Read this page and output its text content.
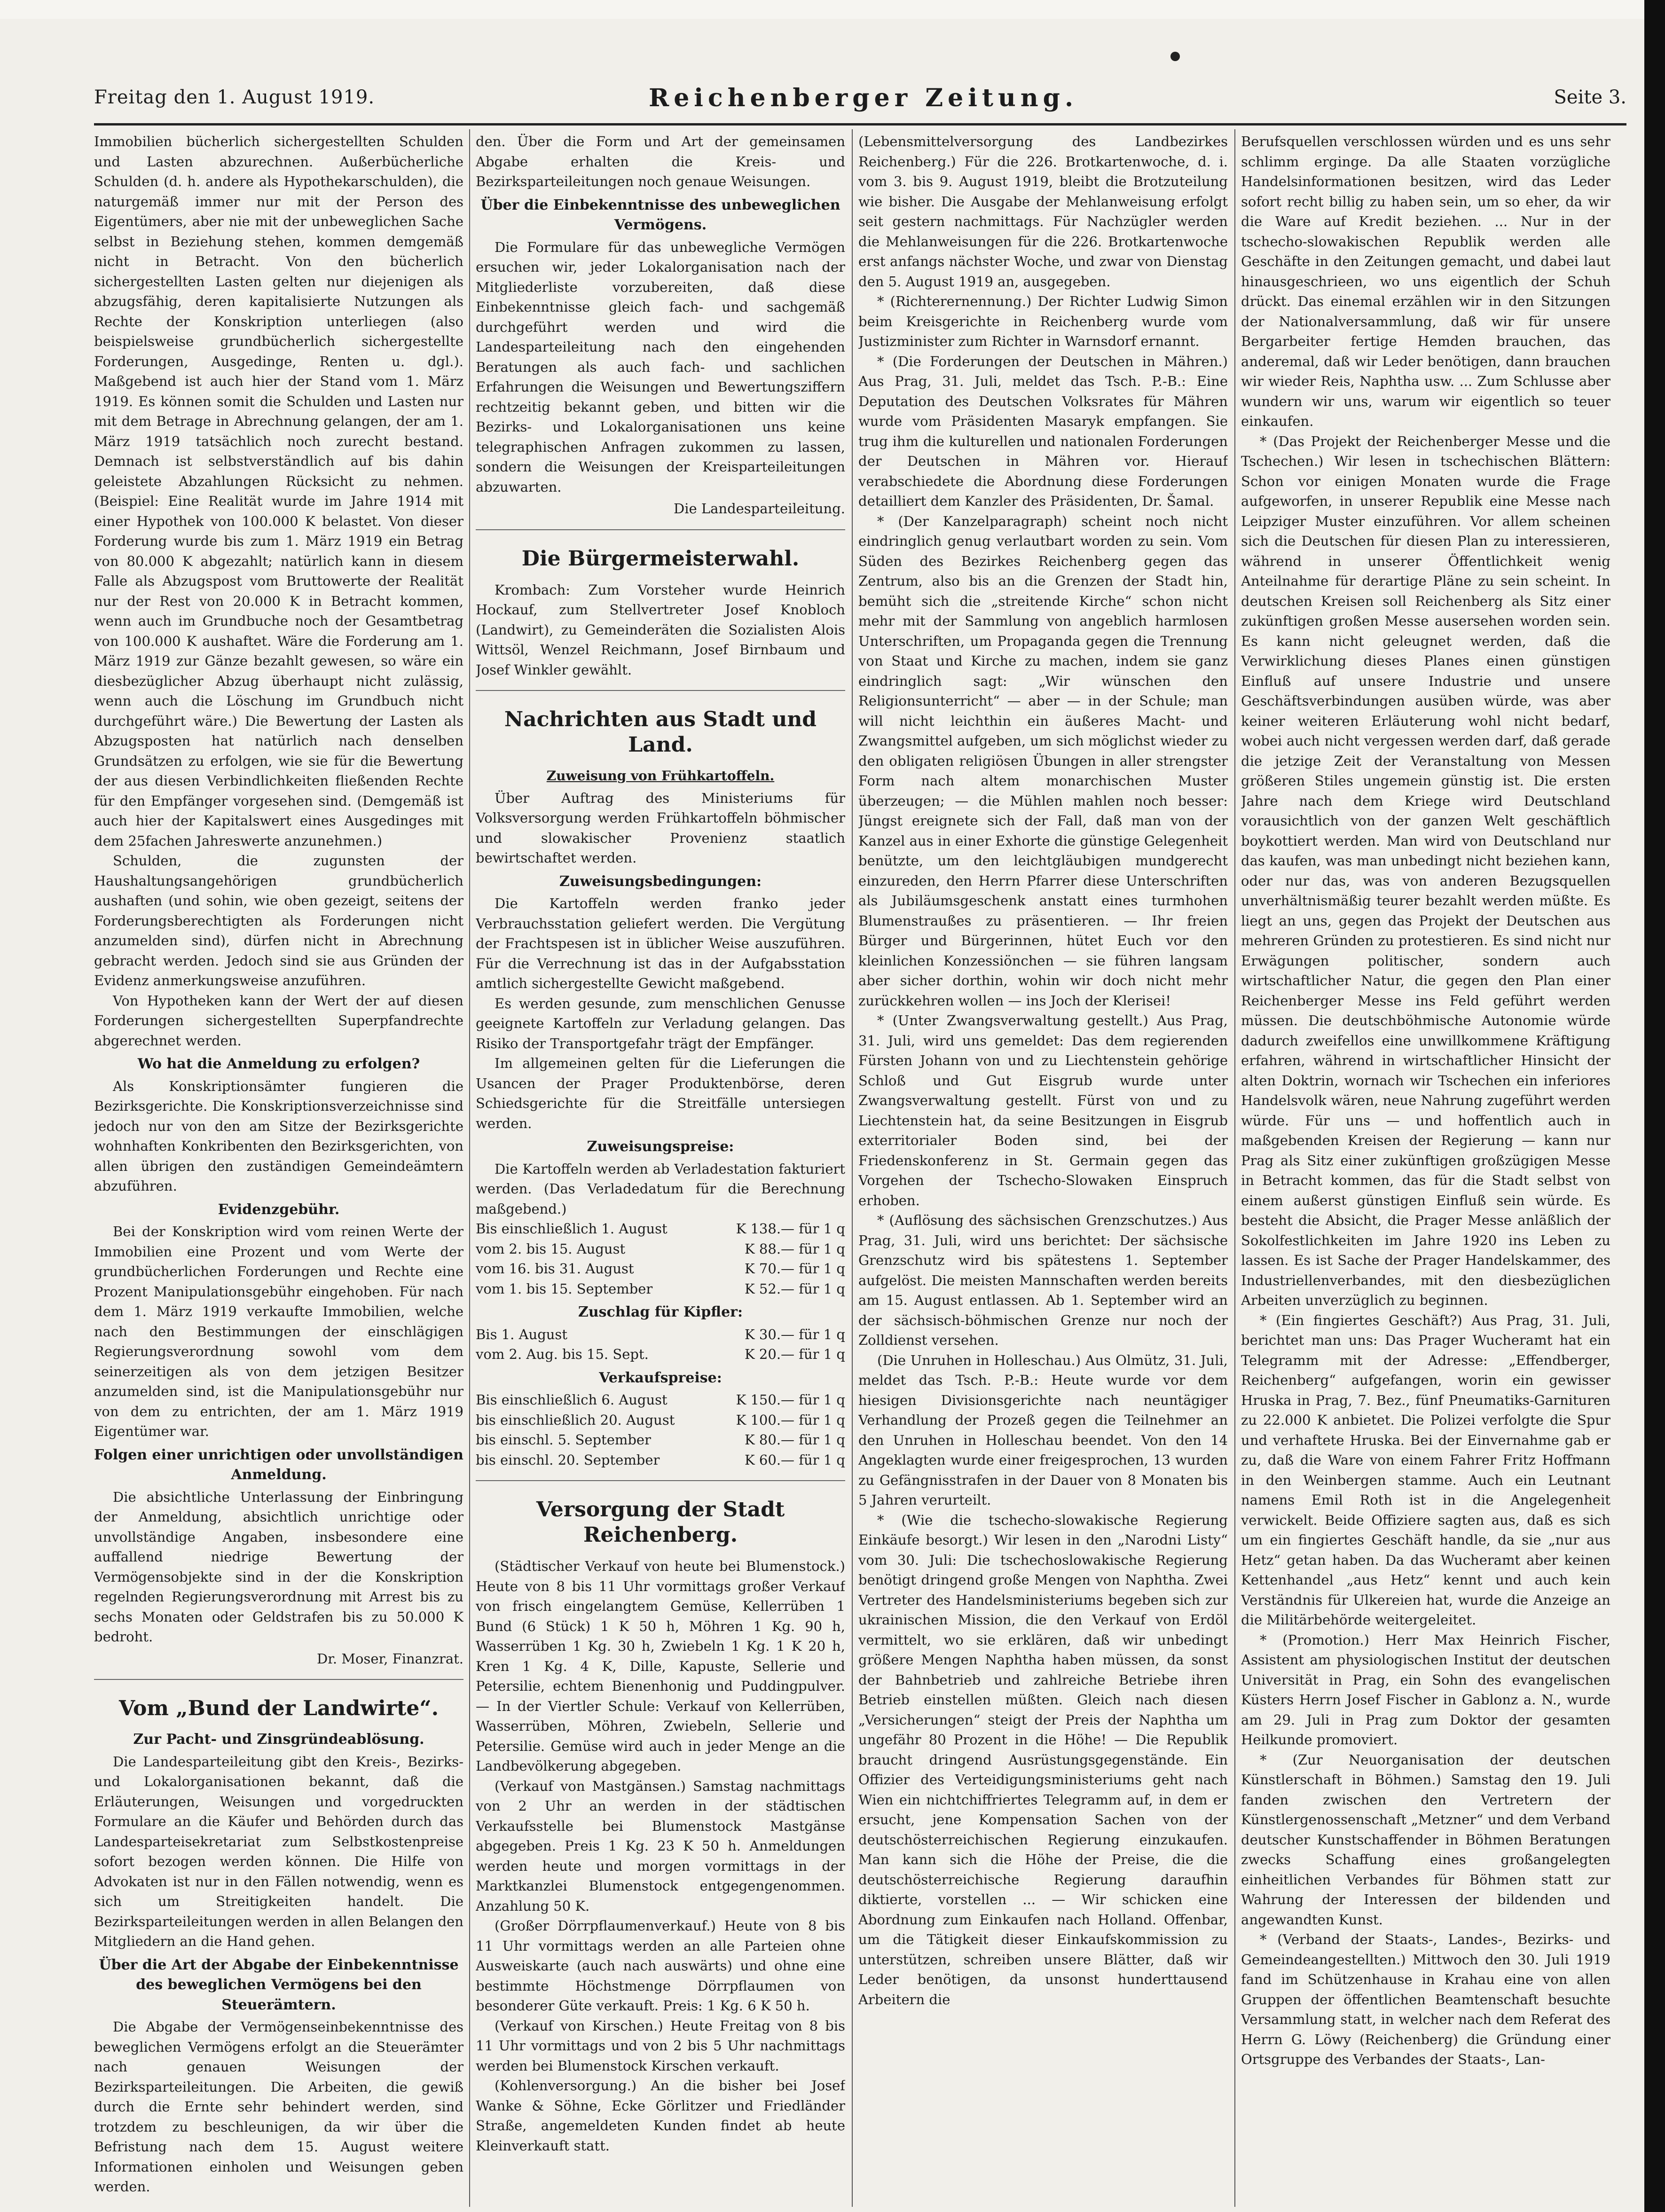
Freitag den 1. August 1919.	Reichenberger Zeitung.	Seite 3.

Immobilien bücherlich sichergestellten Schulden und Lasten abzurechnen. Außerbücherliche Schulden (d. h. andere als Hypothekarschulden), die naturgemäß immer nur mit der Person des Eigentümers, aber nie mit der unbeweglichen Sache selbst in Beziehung stehen, kommen demgemäß nicht in Betracht. Von den bücherlich sichergestellten Lasten gelten nur diejenigen als abzugsfähig, deren kapitalisierte Nutzungen als Rechte der Konskription unterliegen (also beispielsweise grundbücherlich sichergestellte Forderungen, Ausgedinge, Renten u. dgl.). Maßgebend ist auch hier der Stand vom 1. März 1919. Es können somit die Schulden und Lasten nur mit dem Betrage in Abrechnung gelangen, der am 1. März 1919 tatsächlich noch zurecht bestand. Demnach ist selbstverständlich auf bis dahin geleistete Abzahlungen Rücksicht zu nehmen. (Beispiel: Eine Realität wurde im Jahre 1914 mit einer Hypothek von 100.000 K belastet. Von dieser Forderung wurde bis zum 1. März 1919 ein Betrag von 80.000 K abgezahlt; natürlich kann in diesem Falle als Abzugspost vom Bruttowerte der Realität nur der Rest von 20.000 K in Betracht kommen, wenn auch im Grundbuche noch der Gesamtbetrag von 100.000 K aushaftet. Wäre die Forderung am 1. März 1919 zur Gänze bezahlt gewesen, so wäre ein diesbezüglicher Abzug überhaupt nicht zulässig, wenn auch die Löschung im Grundbuch nicht durchgeführt wäre.) Die Bewertung der Lasten als Abzugsposten hat natürlich nach denselben Grundsätzen zu erfolgen, wie sie für die Bewertung der aus diesen Verbindlichkeiten fließenden Rechte für den Empfänger vorgesehen sind. (Demgemäß ist auch hier der Kapitalswert eines Ausgedinges mit dem 25fachen Jahreswerte anzunehmen.)

Schulden, die zugunsten der Haushaltungsangehörigen grundbücherlich aushaften (und sohin, wie oben gezeigt, seitens der Forderungsberechtigten als Forderungen nicht anzumelden sind), dürfen nicht in Abrechnung gebracht werden. Jedoch sind sie aus Gründen der Evidenz anmerkungsweise anzuführen.

Von Hypotheken kann der Wert der auf diesen Forderungen sichergestellten Superpfandrechte abgerechnet werden.

Wo hat die Anmeldung zu erfolgen?

Als Konskriptionsämter fungieren die Bezirksgerichte. Die Konskriptionsverzeichnisse sind jedoch nur von den am Sitze der Bezirksgerichte wohnhaften Konkribenten den Bezirksgerichten, von allen übrigen den zuständigen Gemeindeämtern abzuführen.

Evidenzgebühr.

Bei der Konskription wird vom reinen Werte der Immobilien eine Prozent und vom Werte der grundbücherlichen Forderungen und Rechte eine Prozent Manipulationsgebühr eingehoben. Für nach dem 1. März 1919 verkaufte Immobilien, welche nach den Bestimmungen der einschlägigen Regierungsverordnung sowohl vom dem seinerzeitigen als von dem jetzigen Besitzer anzumelden sind, ist die Manipulationsgebühr nur von dem zu entrichten, der am 1. März 1919 Eigentümer war.

Folgen einer unrichtigen oder unvollständigen Anmeldung.

Die absichtliche Unterlassung der Einbringung der Anmeldung, absichtlich unrichtige oder unvollständige Angaben, insbesondere eine auffallend niedrige Bewertung der Vermögensobjekte sind in der die Konskription regelnden Regierungsverordnung mit Arrest bis zu sechs Monaten oder Geldstrafen bis zu 50.000 K bedroht.

Dr. Moser, Finanzrat.
Vom „Bund der Landwirte“.
Zur Pacht- und Zinsgründeablösung.

Die Landesparteileitung gibt den Kreis-, Bezirks- und Lokalorganisationen bekannt, daß die Erläuterungen, Weisungen und vorgedruckten Formulare an die Käufer und Behörden durch das Landesparteisekretariat zum Selbstkostenpreise sofort bezogen werden können. Die Hilfe von Advokaten ist nur in den Fällen notwendig, wenn es sich um Streitigkeiten handelt. Die Bezirksparteileitungen werden in allen Belangen den Mitgliedern an die Hand gehen.

Über die Art der Abgabe der Einbekenntnisse des beweglichen Vermögens bei den Steuerämtern.

Die Abgabe der Vermögenseinbekenntnisse des beweglichen Vermögens erfolgt an die Steuerämter nach genauen Weisungen der Bezirksparteileitungen. Die Arbeiten, die gewiß durch die Ernte sehr behindert werden, sind trotzdem zu beschleunigen, da wir über die Befristung nach dem 15. August weitere Informationen einholen und Weisungen geben werden.

den. Über die Form und Art der gemeinsamen Abgabe erhalten die Kreis- und Bezirksparteileitungen noch genaue Weisungen.

Über die Einbekenntnisse des unbeweglichen Vermögens.

Die Formulare für das unbewegliche Vermögen ersuchen wir, jeder Lokalorganisation nach der Mitgliederliste vorzubereiten, daß diese Einbekenntnisse gleich fach- und sachgemäß durchgeführt werden und wird die Landesparteileitung nach den eingehenden Beratungen als auch fach- und sachlichen Erfahrungen die Weisungen und Bewertungsziffern rechtzeitig bekannt geben, und bitten wir die Bezirks- und Lokalorganisationen uns keine telegraphischen Anfragen zukommen zu lassen, sondern die Weisungen der Kreisparteileitungen abzuwarten.

Die Landesparteileitung.
Die Bürgermeisterwahl.

Krombach: Zum Vorsteher wurde Heinrich Hockauf, zum Stellvertreter Josef Knobloch (Landwirt), zu Gemeinderäten die Sozialisten Alois Wittsöl, Wenzel Reichmann, Josef Birnbaum und Josef Winkler gewählt.

Nachrichten aus Stadt und Land.
Zuweisung von Frühkartoffeln.

Über Auftrag des Ministeriums für Volksversorgung werden Frühkartoffeln böhmischer und slowakischer Provenienz staatlich bewirtschaftet werden.

Zuweisungsbedingungen:

Die Kartoffeln werden franko jeder Verbrauchsstation geliefert werden. Die Vergütung der Frachtspesen ist in üblicher Weise auszuführen. Für die Verrechnung ist das in der Aufgabsstation amtlich sichergestellte Gewicht maßgebend.

Es werden gesunde, zum menschlichen Genusse geeignete Kartoffeln zur Verladung gelangen. Das Risiko der Transportgefahr trägt der Empfänger.

Im allgemeinen gelten für die Lieferungen die Usancen der Prager Produktenbörse, deren Schiedsgerichte für die Streitfälle untersiegen werden.

Zuweisungspreise:

Die Kartoffeln werden ab Verladestation fakturiert werden. (Das Verladedatum für die Berechnung maßgebend.)

Bis einschließlich 1. August	K 138.— für 1 q
vom 2. bis 15. August	K 88.— für 1 q
vom 16. bis 31. August	K 70.— für 1 q
vom 1. bis 15. September	K 52.— für 1 q
Zuschlag für Kipfler:
Bis 1. August	K 30.— für 1 q
vom 2. Aug. bis 15. Sept.	K 20.— für 1 q
Verkaufspreise:
Bis einschließlich 6. August	K 150.— für 1 q
bis einschließlich 20. August	K 100.— für 1 q
bis einschl. 5. September	K 80.— für 1 q
bis einschl. 20. September	K 60.— für 1 q
Versorgung der Stadt Reichenberg.

(Städtischer Verkauf von heute bei Blumenstock.) Heute von 8 bis 11 Uhr vormittags großer Verkauf von frisch eingelangtem Gemüse, Kellerrüben 1 Bund (6 Stück) 1 K 50 h, Möhren 1 Kg. 90 h, Wasserrüben 1 Kg. 30 h, Zwiebeln 1 Kg. 1 K 20 h, Kren 1 Kg. 4 K, Dille, Kapuste, Sellerie und Petersilie, echtem Bienenhonig und Puddingpulver. — In der Viertler Schule: Verkauf von Kellerrüben, Wasserrüben, Möhren, Zwiebeln, Sellerie und Petersilie. Gemüse wird auch in jeder Menge an die Landbevölkerung abgegeben.

(Verkauf von Mastgänsen.) Samstag nachmittags von 2 Uhr an werden in der städtischen Verkaufsstelle bei Blumenstock Mastgänse abgegeben. Preis 1 Kg. 23 K 50 h. Anmeldungen werden heute und morgen vormittags in der Marktkanzlei Blumenstock entgegengenommen. Anzahlung 50 K.

(Großer Dörrpflaumenverkauf.) Heute von 8 bis 11 Uhr vormittags werden an alle Parteien ohne Ausweiskarte (auch nach auswärts) und ohne eine bestimmte Höchstmenge Dörrpflaumen von besonderer Güte verkauft. Preis: 1 Kg. 6 K 50 h.

(Verkauf von Kirschen.) Heute Freitag von 8 bis 11 Uhr vormittags und von 2 bis 5 Uhr nachmittags werden bei Blumenstock Kirschen verkauft.

(Kohlenversorgung.) An die bisher bei Josef Wanke & Söhne, Ecke Görlitzer und Friedländer Straße, angemeldeten Kunden findet ab heute Kleinverkauft statt.

(Lebensmittelversorgung des Landbezirkes Reichenberg.) Für die 226. Brotkartenwoche, d. i. vom 3. bis 9. August 1919, bleibt die Brotzuteilung wie bisher. Die Ausgabe der Mehlanweisung erfolgt seit gestern nachmittags. Für Nachzügler werden die Mehlanweisungen für die 226. Brotkartenwoche erst anfangs nächster Woche, und zwar von Dienstag den 5. August 1919 an, ausgegeben.

* (Richterernennung.) Der Richter Ludwig Simon beim Kreisgerichte in Reichenberg wurde vom Justizminister zum Richter in Warnsdorf ernannt.

* (Die Forderungen der Deutschen in Mähren.) Aus Prag, 31. Juli, meldet das Tsch. P.-B.: Eine Deputation des Deutschen Volksrates für Mähren wurde vom Präsidenten Masaryk empfangen. Sie trug ihm die kulturellen und nationalen Forderungen der Deutschen in Mähren vor. Hierauf verabschiedete die Abordnung diese Forderungen detailliert dem Kanzler des Präsidenten, Dr. Šamal.

* (Der Kanzelparagraph) scheint noch nicht eindringlich genug verlautbart worden zu sein. Vom Süden des Bezirkes Reichenberg gegen das Zentrum, also bis an die Grenzen der Stadt hin, bemüht sich die „streitende Kirche“ schon nicht mehr mit der Sammlung von angeblich harmlosen Unterschriften, um Propaganda gegen die Trennung von Staat und Kirche zu machen, indem sie ganz eindringlich sagt: „Wir wünschen den Religionsunterricht“ — aber — in der Schule; man will nicht leichthin ein äußeres Macht- und Zwangsmittel aufgeben, um sich möglichst wieder zu den obligaten religiösen Übungen in aller strengster Form nach altem monarchischen Muster überzeugen; — die Mühlen mahlen noch besser: Jüngst ereignete sich der Fall, daß man von der Kanzel aus in einer Exhorte die günstige Gelegenheit benützte, um den leichtgläubigen mundgerecht einzureden, den Herrn Pfarrer diese Unterschriften als Jubiläumsgeschenk anstatt eines turmhohen Blumenstraußes zu präsentieren. — Ihr freien Bürger und Bürgerinnen, hütet Euch vor den kleinlichen Konzessiönchen — sie führen langsam aber sicher dorthin, wohin wir doch nicht mehr zurückkehren wollen — ins Joch der Klerisei!

* (Unter Zwangsverwaltung gestellt.) Aus Prag, 31. Juli, wird uns gemeldet: Das dem regierenden Fürsten Johann von und zu Liechtenstein gehörige Schloß und Gut Eisgrub wurde unter Zwangsverwaltung gestellt. Fürst von und zu Liechtenstein hat, da seine Besitzungen in Eisgrub exterritorialer Boden sind, bei der Friedenskonferenz in St. Germain gegen das Vorgehen der Tschecho-Slowaken Einspruch erhoben.

* (Auflösung des sächsischen Grenzschutzes.) Aus Prag, 31. Juli, wird uns berichtet: Der sächsische Grenzschutz wird bis spätestens 1. September aufgelöst. Die meisten Mannschaften werden bereits am 15. August entlassen. Ab 1. September wird an der sächsisch-böhmischen Grenze nur noch der Zolldienst versehen.

(Die Unruhen in Holleschau.) Aus Olmütz, 31. Juli, meldet das Tsch. P.-B.: Heute wurde vor dem hiesigen Divisionsgerichte nach neuntägiger Verhandlung der Prozeß gegen die Teilnehmer an den Unruhen in Holleschau beendet. Von den 14 Angeklagten wurde einer freigesprochen, 13 wurden zu Gefängnisstrafen in der Dauer von 8 Monaten bis 5 Jahren verurteilt.

* (Wie die tschecho-slowakische Regierung Einkäufe besorgt.) Wir lesen in den „Narodni Listy“ vom 30. Juli: Die tschechoslowakische Regierung benötigt dringend große Mengen von Naphtha. Zwei Vertreter des Handelsministeriums begeben sich zur ukrainischen Mission, die den Verkauf von Erdöl vermittelt, wo sie erklären, daß wir unbedingt größere Mengen Naphtha haben müssen, da sonst der Bahnbetrieb und zahlreiche Betriebe ihren Betrieb einstellen müßten. Gleich nach diesen „Versicherungen“ steigt der Preis der Naphtha um ungefähr 80 Prozent in die Höhe! — Die Republik braucht dringend Ausrüstungsgegenstände. Ein Offizier des Verteidigungsministeriums geht nach Wien ein nichtchiffriertes Telegramm auf, in dem er ersucht, jene Kompensation Sachen von der deutschösterreichischen Regierung einzukaufen. Man kann sich die Höhe der Preise, die die deutschösterreichische Regierung daraufhin diktierte, vorstellen ... — Wir schicken eine Abordnung zum Einkaufen nach Holland. Offenbar, um die Tätigkeit dieser Einkaufskommission zu unterstützen, schreiben unsere Blätter, daß wir Leder benötigen, da unsonst hunderttausend Arbeitern die

Berufsquellen verschlossen würden und es uns sehr schlimm erginge. Da alle Staaten vorzügliche Handelsinformationen besitzen, wird das Leder sofort recht billig zu haben sein, um so eher, da wir die Ware auf Kredit beziehen. ... Nur in der tschecho-slowakischen Republik werden alle Geschäfte in den Zeitungen gemacht, und dabei laut hinausgeschrieen, wo uns eigentlich der Schuh drückt. Das einemal erzählen wir in den Sitzungen der Nationalversammlung, daß wir für unsere Bergarbeiter fertige Hemden brauchen, das anderemal, daß wir Leder benötigen, dann brauchen wir wieder Reis, Naphtha usw. ... Zum Schlusse aber wundern wir uns, warum wir eigentlich so teuer einkaufen.

* (Das Projekt der Reichenberger Messe und die Tschechen.) Wir lesen in tschechischen Blättern: Schon vor einigen Monaten wurde die Frage aufgeworfen, in unserer Republik eine Messe nach Leipziger Muster einzuführen. Vor allem scheinen sich die Deutschen für diesen Plan zu interessieren, während in unserer Öffentlichkeit wenig Anteilnahme für derartige Pläne zu sein scheint. In deutschen Kreisen soll Reichenberg als Sitz einer zukünftigen großen Messe ausersehen worden sein. Es kann nicht geleugnet werden, daß die Verwirklichung dieses Planes einen günstigen Einfluß auf unsere Industrie und unsere Geschäftsverbindungen ausüben würde, was aber keiner weiteren Erläuterung wohl nicht bedarf, wobei auch nicht vergessen werden darf, daß gerade die jetzige Zeit der Veranstaltung von Messen größeren Stiles ungemein günstig ist. Die ersten Jahre nach dem Kriege wird Deutschland vorausichtlich von der ganzen Welt geschäftlich boykottiert werden. Man wird von Deutschland nur das kaufen, was man unbedingt nicht beziehen kann, oder nur das, was von anderen Bezugsquellen unverhältnismäßig teurer bezahlt werden müßte. Es liegt an uns, gegen das Projekt der Deutschen aus mehreren Gründen zu protestieren. Es sind nicht nur Erwägungen politischer, sondern auch wirtschaftlicher Natur, die gegen den Plan einer Reichenberger Messe ins Feld geführt werden müssen. Die deutschböhmische Autonomie würde dadurch zweifellos eine unwillkommene Kräftigung erfahren, während in wirtschaftlicher Hinsicht der alten Doktrin, wornach wir Tschechen ein inferiores Handelsvolk wären, neue Nahrung zugeführt werden würde. Für uns — und hoffentlich auch in maßgebenden Kreisen der Regierung — kann nur Prag als Sitz einer zukünftigen großzügigen Messe in Betracht kommen, das für die Stadt selbst von einem außerst günstigen Einfluß sein würde. Es besteht die Absicht, die Prager Messe anläßlich der Sokolfestlichkeiten im Jahre 1920 ins Leben zu lassen. Es ist Sache der Prager Handelskammer, des Industriellenverbandes, mit den diesbezüglichen Arbeiten unverzüglich zu beginnen.

* (Ein fingiertes Geschäft?) Aus Prag, 31. Juli, berichtet man uns: Das Prager Wucheramt hat ein Telegramm mit der Adresse: „Effendberger, Reichenberg“ aufgefangen, worin ein gewisser Hruska in Prag, 7. Bez., fünf Pneumatiks-Garnituren zu 22.000 K anbietet. Die Polizei verfolgte die Spur und verhaftete Hruska. Bei der Einvernahme gab er zu, daß die Ware von einem Fahrer Fritz Hoffmann in den Weinbergen stamme. Auch ein Leutnant namens Emil Roth ist in die Angelegenheit verwickelt. Beide Offiziere sagten aus, daß es sich um ein fingiertes Geschäft handle, da sie „nur aus Hetz“ getan haben. Da das Wucheramt aber keinen Kettenhandel „aus Hetz“ kennt und auch kein Verständnis für Ulkereien hat, wurde die Anzeige an die Militärbehörde weitergeleitet.

* (Promotion.) Herr Max Heinrich Fischer, Assistent am physiologischen Institut der deutschen Universität in Prag, ein Sohn des evangelischen Küsters Herrn Josef Fischer in Gablonz a. N., wurde am 29. Juli in Prag zum Doktor der gesamten Heilkunde promoviert.

* (Zur Neuorganisation der deutschen Künstlerschaft in Böhmen.) Samstag den 19. Juli fanden zwischen den Vertretern der Künstlergenossenschaft „Metzner“ und dem Verband deutscher Kunstschaffender in Böhmen Beratungen zwecks Schaffung eines großangelegten einheitlichen Verbandes für Böhmen statt zur Wahrung der Interessen der bildenden und angewandten Kunst.

* (Verband der Staats-, Landes-, Bezirks- und Gemeindeangestellten.) Mittwoch den 30. Juli 1919 fand im Schützenhause in Krahau eine von allen Gruppen der öffentlichen Beamtenschaft besuchte Versammlung statt, in welcher nach dem Referat des Herrn G. Löwy (Reichenberg) die Gründung einer Ortsgruppe des Verbandes der Staats-, Lan-
